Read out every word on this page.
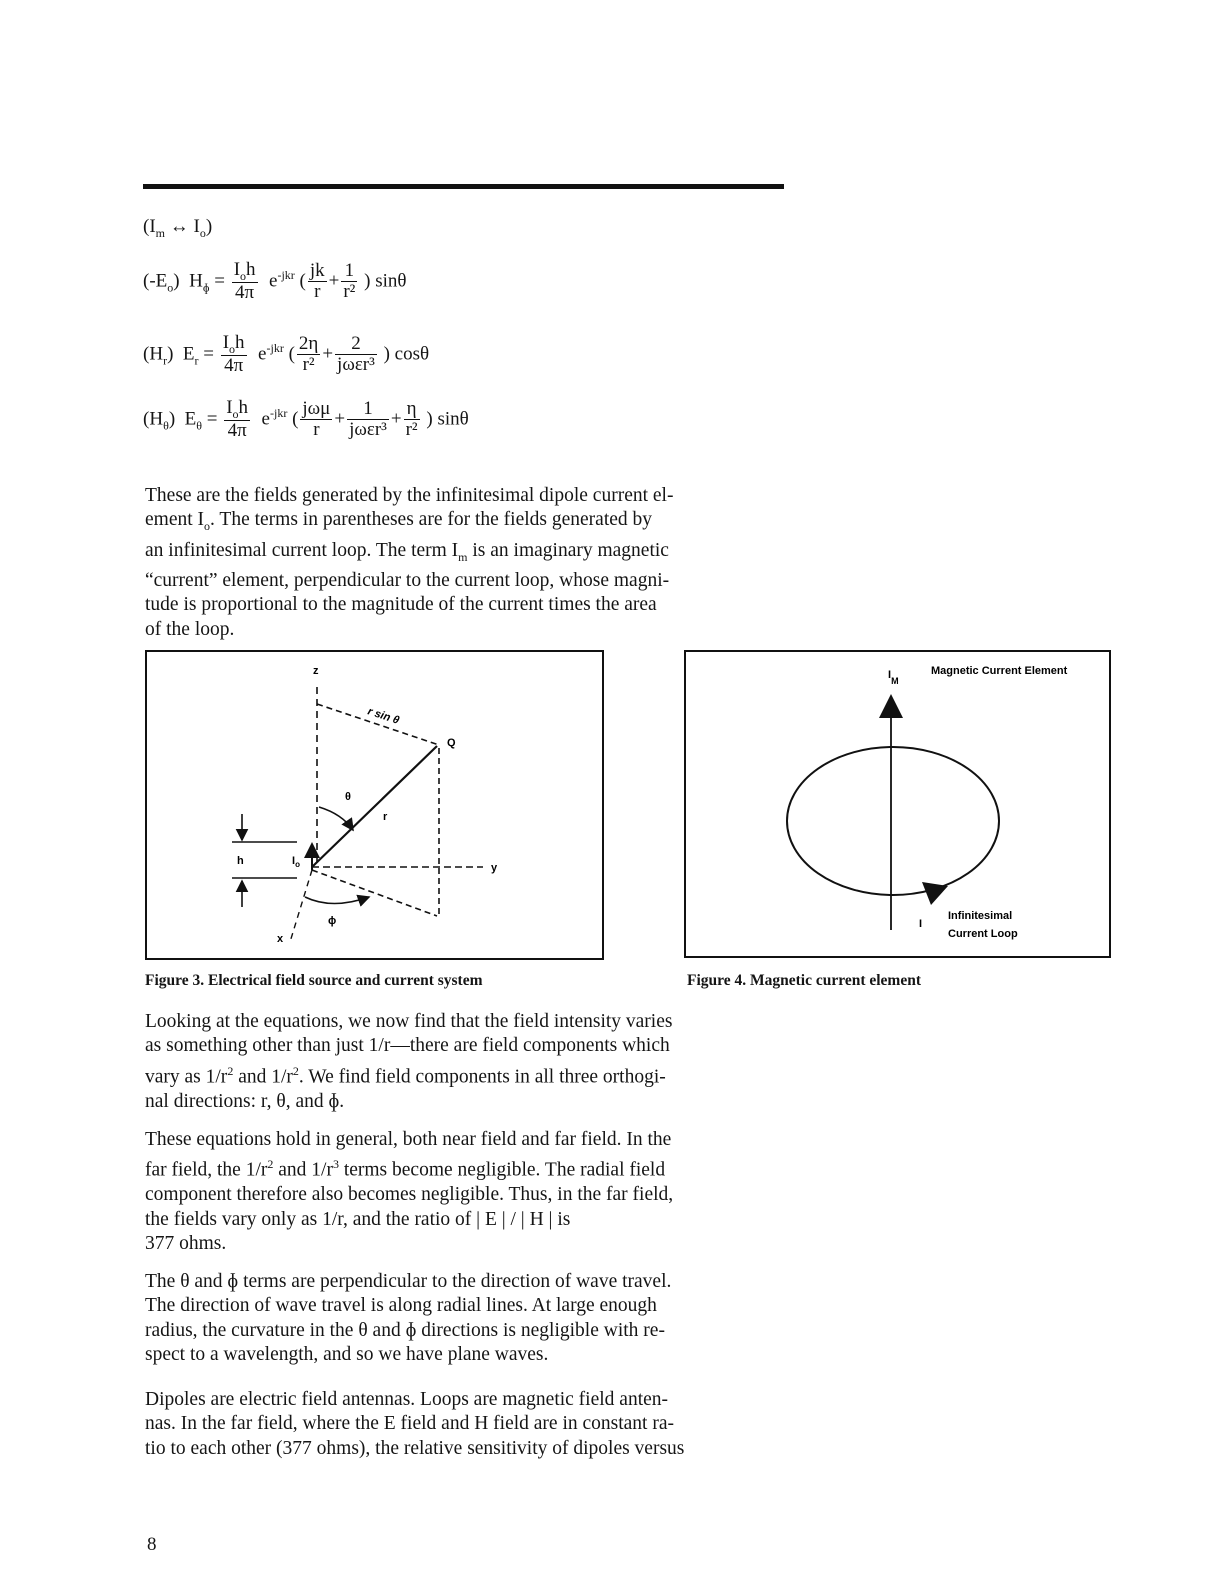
($I_m$ ↔ $I_o$)
$(-E_o) H_ɸ = \frac{I_oh}{4\pi} e^{-jkr}$ ( $\frac{jk}{r} + \frac{1}{\text{r²}}$ ) sinθ
$(H_r) E_r = \frac{I_oh}{4\pi} e^{-jkr}$ ( $\frac{2\eta}{\text{r²}} + \frac{2}{\text{jωεr³}}$ ) cosθ
$(H_\theta) E_\theta = \frac{I_oh}{4\pi} e^{-jkr}$ ( $\frac{\text{jωμ}}{r} + \frac{1}{\text{jωεr³}} + \frac{\eta}{\text{r²}}$ ) sinθ

These are the fields generated by the infinitesimal dipole current el-
ement $I_o$. The terms in parentheses are for the fields generated by
an infinitesimal current loop. The term $I_m$ is an imaginary magnetic
“current” element, perpendicular to the current loop, whose magni-
tude is proportional to the magnitude of the current times the area
of the loop.

z
r sin θ
Q
θ
r
h	$I_o$	y
ɸ
x
Figure 3. Electrical field source and current system
$I_M$
Magnetic Current Element
I
Infinitesimal
Current Loop
Figure 4. Magnetic current element

Looking at the equations, we now find that the field intensity varies
as something other than just 1/r—there are field components which
vary as $1/r^2$ and $1/r^2$. We find field components in all three orthogi-
nal directions: r, θ, and ɸ.

These equations hold in general, both near field and far field. In the
far field, the $1/r^2$ and $1/r^3$ terms become negligible. The radial field
component therefore also becomes negligible. Thus, in the far field,
the fields vary only as 1/r, and the ratio of | E | / | H | is
377 ohms.

The θ and ɸ terms are perpendicular to the direction of wave travel.
The direction of wave travel is along radial lines. At large enough
radius, the curvature in the θ and ɸ directions is negligible with re-
spect to a wavelength, and so we have plane waves.

Dipoles are electric field antennas. Loops are magnetic field anten-
nas. In the far field, where the E field and H field are in constant ra-
tio to each other (377 ohms), the relative sensitivity of dipoles versus

8
